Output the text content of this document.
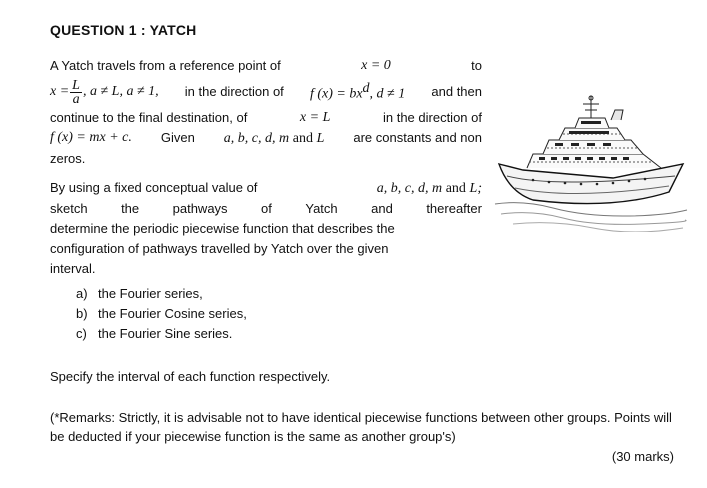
QUESTION 1 : YATCH
A Yatch travels from a reference point of	x = 0	to
$x = \frac{L}{a}$ , a ≠ L, a ≠ 1, in the direction of f $(x) = bx^d$, d ≠ 1 and then
continue to the final destination, of	x = L	in the direction of
f (x) = mx + c. Given a, b, c, d, m and L are constants and non
zeros.
By using a fixed conceptual value of	a, b, c, d, m and L;
sketch	the	pathways	of	Yatch	and	thereafter
determine the periodic piecewise function that describes the
configuration of pathways travelled by Yatch over the given
interval.
a) the Fourier series,
b) the Fourier Cosine series,
c) the Fourier Sine series.
Specify the interval of each function respectively.
(*Remarks: Strictly, it is advisable not to have identical piecewise functions between other groups. Points will be deducted if your piecewise function is the same as another group's)
(30 marks)
